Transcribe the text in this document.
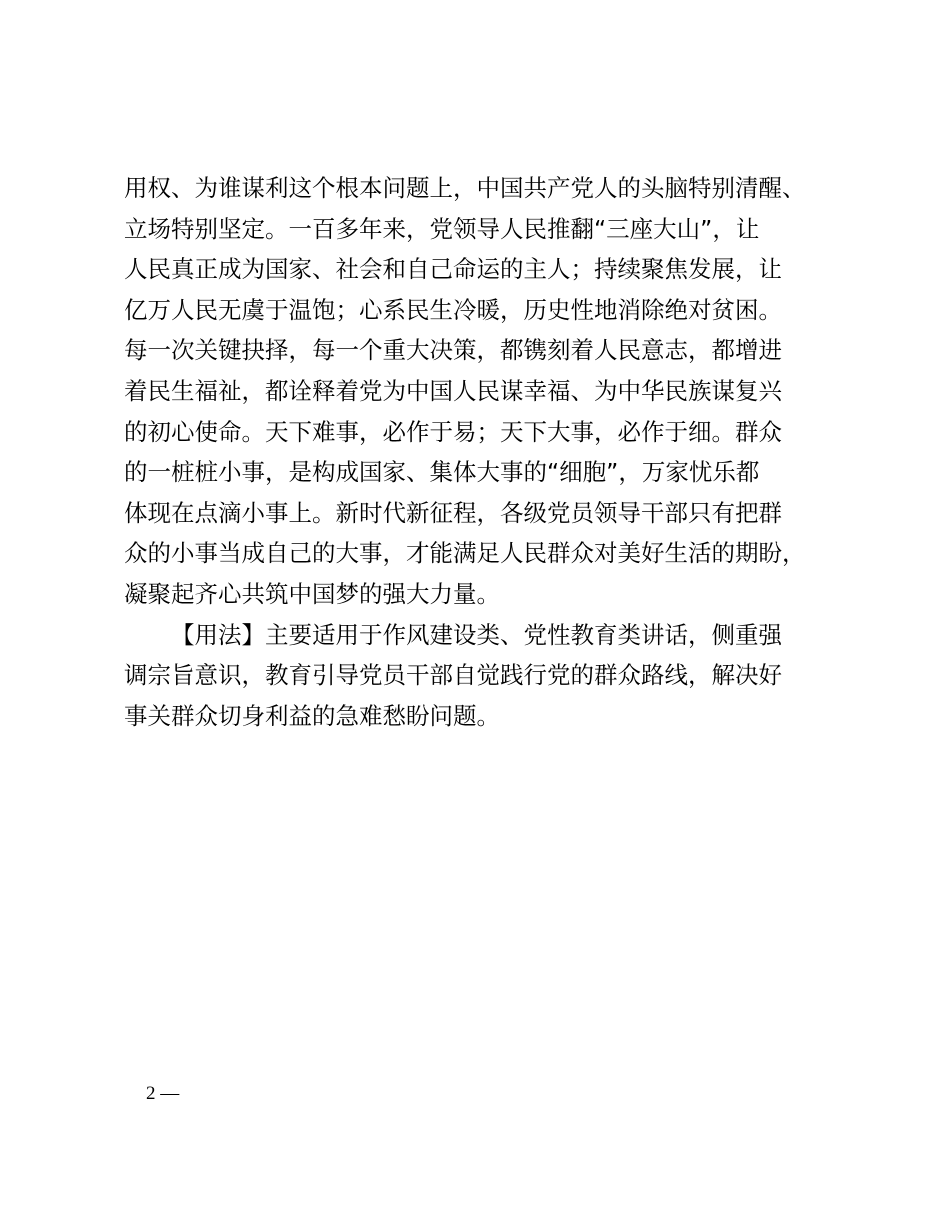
用权、为谁谋利这个根本问题上，中国共产党人的头脑特别清醒、
立场特别坚定。一百多年来，党领导人民推翻“三座大山”，让
人民真正成为国家、社会和自己命运的主人；持续聚焦发展，让
亿万人民无虞于温饱；心系民生冷暖，历史性地消除绝对贫困。
每一次关键抉择，每一个重大决策，都镌刻着人民意志，都增进
着民生福祉，都诠释着党为中国人民谋幸福、为中华民族谋复兴
的初心使命。天下难事，必作于易；天下大事，必作于细。群众
的一桩桩小事，是构成国家、集体大事的“细胞”，万家忧乐都
体现在点滴小事上。新时代新征程，各级党员领导干部只有把群
众的小事当成自己的大事，才能满足人民群众对美好生活的期盼，
凝聚起齐心共筑中国梦的强大力量。
【用法】主要适用于作风建设类、党性教育类讲话，侧重强
调宗旨意识，教育引导党员干部自觉践行党的群众路线，解决好
事关群众切身利益的急难愁盼问题。
2 —
